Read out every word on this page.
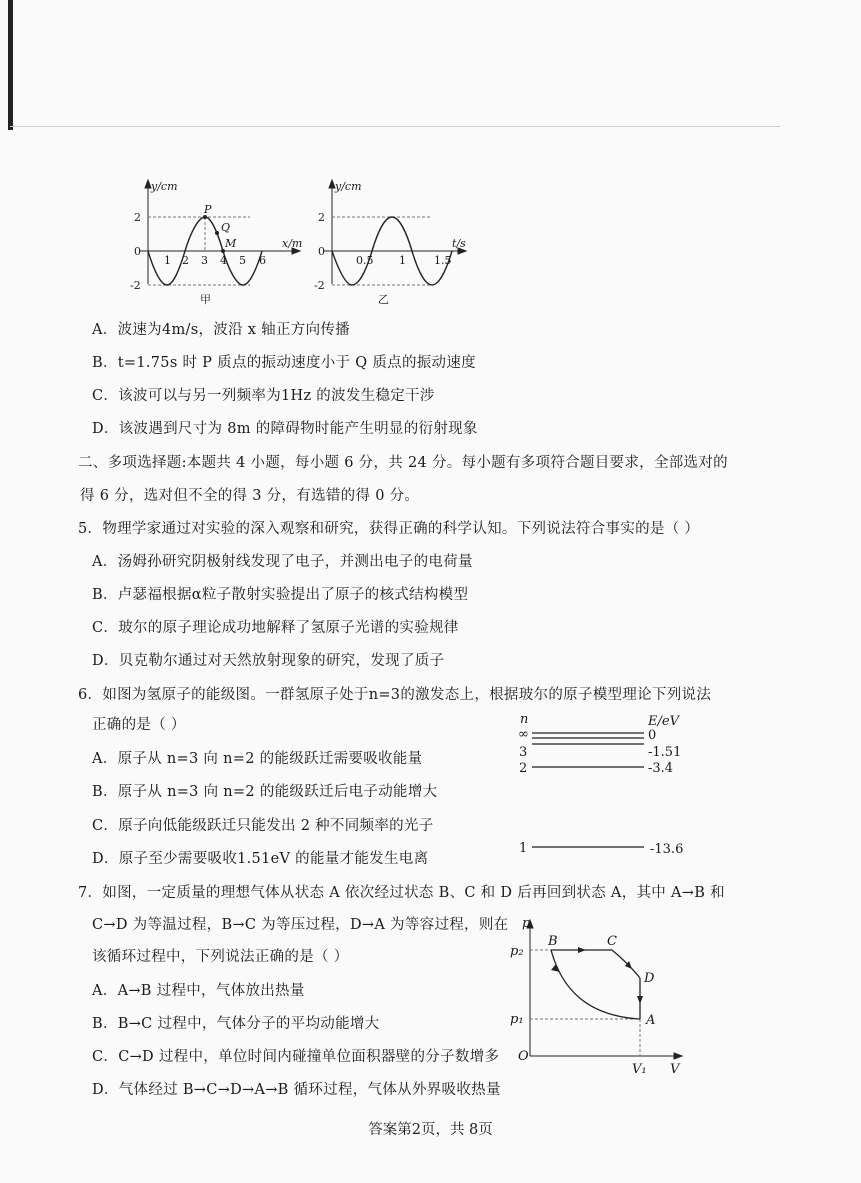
y/cm
x/m
2
0
-2
1 2 3 4 5 6
P
Q
M
甲
y/cm
t/s
2
0
-2
0.5 1	1.5
乙
A．波速为4m/s，波沿 x 轴正方向传播
B．t=1.75s 时 P 质点的振动速度小于 Q 质点的振动速度
C．该波可以与另一列频率为1Hz 的波发生稳定干涉
D．该波遇到尺寸为 8m 的障碍物时能产生明显的衍射现象
二、多项选择题:本题共 4 小题，每小题 6 分，共 24 分。每小题有多项符合题目要求，全部选对的
得 6 分，选对但不全的得 3 分，有选错的得 0 分。
5．物理学家通过对实验的深入观察和研究，获得正确的科学认知。下列说法符合事实的是（ ）
A．汤姆孙研究阴极射线发现了电子，并测出电子的电荷量
B．卢瑟福根据α粒子散射实验提出了原子的核式结构模型
C．玻尔的原子理论成功地解释了氢原子光谱的实验规律
D．贝克勒尔通过对天然放射现象的研究，发现了质子
6．如图为氢原子的能级图。一群氢原子处于n=3的激发态上，根据玻尔的原子模型理论下列说法
正确的是（ ）
A．原子从 n=3 向 n=2 的能级跃迁需要吸收能量
B．原子从 n=3 向 n=2 的能级跃迁后电子动能增大
C．原子向低能级跃迁只能发出 2 种不同频率的光子
D．原子至少需要吸收1.51eV 的能量才能发生电离
n	E/eV
∞	0
3	-1.51
2	-3.4
1	-13.6
7．如图，一定质量的理想气体从状态 A 依次经过状态 B、C 和 D 后再回到状态 A，其中 A→B 和
C→D 为等温过程，B→C 为等压过程，D→A 为等容过程，则在
该循环过程中，下列说法正确的是（ ）
A．A→B 过程中，气体放出热量
B．B→C 过程中，气体分子的平均动能增大
C．C→D 过程中，单位时间内碰撞单位面积器壁的分子数增多
D．气体经过 B→C→D→A→B 循环过程，气体从外界吸收热量
p
V
O
p₂
p₁
V₁
B	C
D
A
答案第2页，共 8页
